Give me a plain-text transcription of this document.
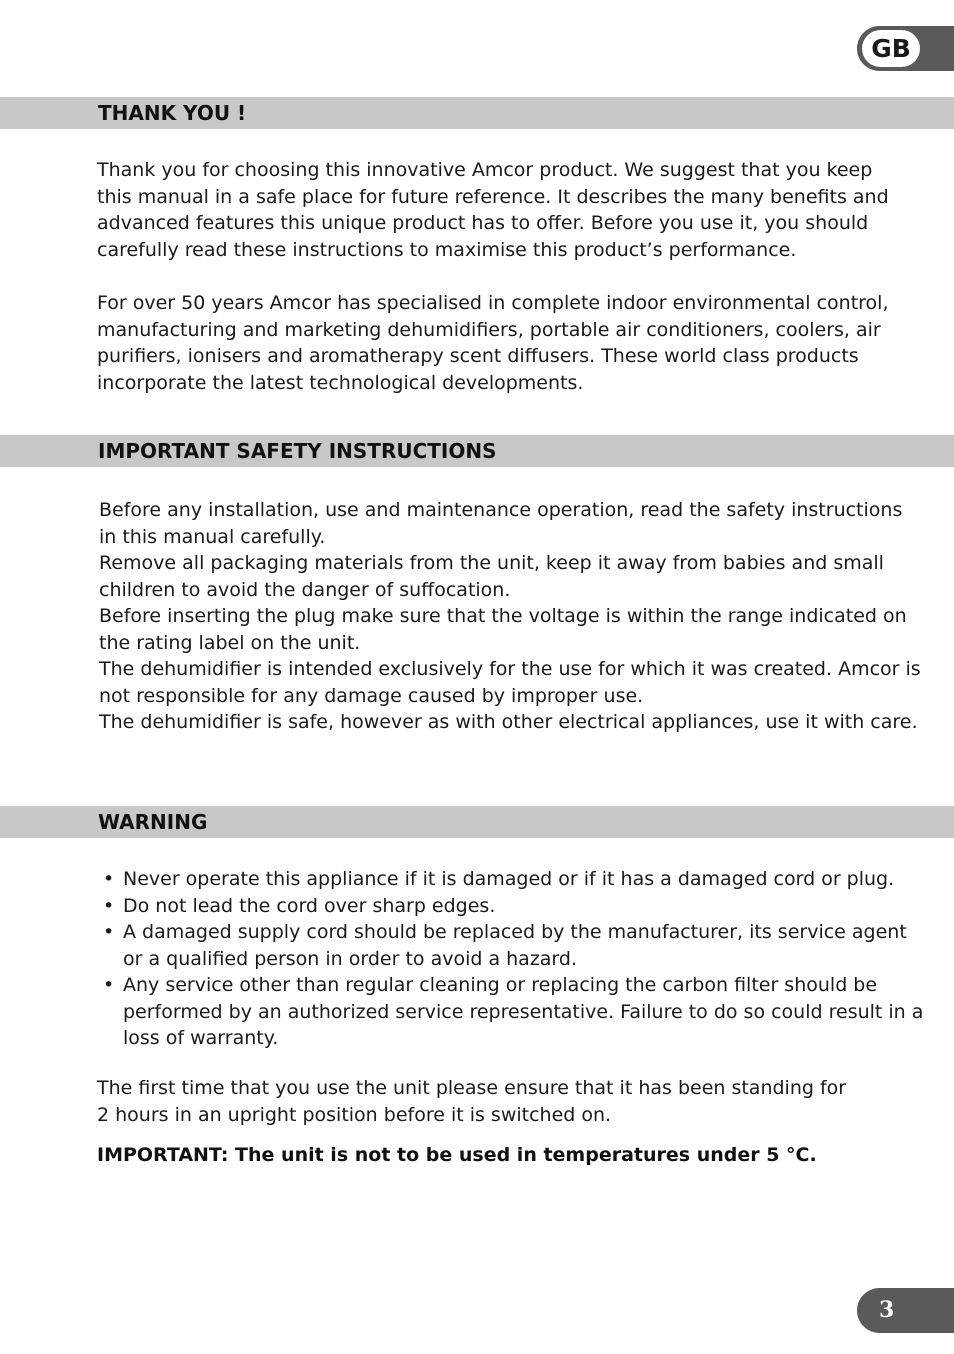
GB
THANK YOU !
Thank you for choosing this innovative Amcor product. We suggest that you keep
this manual in a safe place for future reference. It describes the many benefits and
advanced features this unique product has to offer. Before you use it, you should
carefully read these instructions to maximise this product’s performance.
For over 50 years Amcor has specialised in complete indoor environmental control,
manufacturing and marketing dehumidifiers, portable air conditioners, coolers, air
purifiers, ionisers and aromatherapy scent diffusers. These world class products
incorporate the latest technological developments.
IMPORTANT SAFETY INSTRUCTIONS
Before any installation, use and maintenance operation, read the safety instructions
in this manual carefully.
Remove all packaging materials from the unit, keep it away from babies and small
children to avoid the danger of suffocation.
Before inserting the plug make sure that the voltage is within the range indicated on
the rating label on the unit.
The dehumidifier is intended exclusively for the use for which it was created. Amcor is
not responsible for any damage caused by improper use.
The dehumidifier is safe, however as with other electrical appliances, use it with care.
WARNING
• Never operate this appliance if it is damaged or if it has a damaged cord or plug.
• Do not lead the cord over sharp edges.
• A damaged supply cord should be replaced by the manufacturer, its service agent
or a qualified person in order to avoid a hazard.
• Any service other than regular cleaning or replacing the carbon filter should be
performed by an authorized service representative. Failure to do so could result in a
loss of warranty.
The first time that you use the unit please ensure that it has been standing for
2 hours in an upright position before it is switched on.
IMPORTANT: The unit is not to be used in temperatures under 5 °C.
3
